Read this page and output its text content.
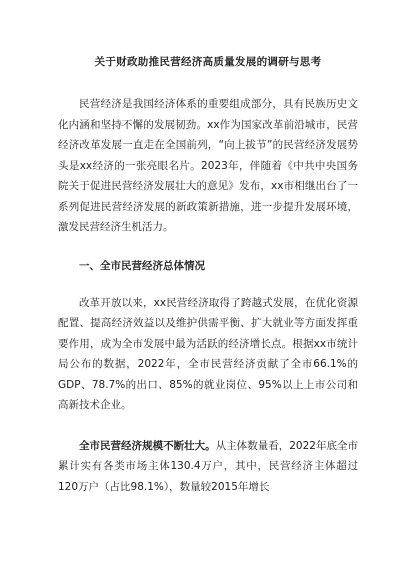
关于财政助推民营经济高质量发展的调研与思考

民营经济是我国经济体系的重要组成部分，具有民族历史文化内涵和坚持不懈的发展韧劲。xx作为国家改革前沿城市，民营经济改革发展一直走在全国前列，“向上拔节”的民营经济发展势头是xx经济的一张亮眼名片。2023年，伴随着《中共中央国务院关于促进民营经济发展壮大的意见》发布，xx市相继出台了一系列促进民营经济发展的新政策新措施，进一步提升发展环境，激发民营经济生机活力。

一、全市民营经济总体情况

改革开放以来，xx民营经济取得了跨越式发展，在优化资源配置、提高经济效益以及维护供需平衡、扩大就业等方面发挥重要作用，成为全市发展中最为活跃的经济增长点。根据xx市统计局公布的数据，2022年，全市民营经济贡献了全市66.1%的GDP、78.7%的出口、85%的就业岗位、95%以上上市公司和高新技术企业。

全市民营经济规模不断壮大。从主体数量看，2022年底全市累计实有各类市场主体130.4万户，其中，民营经济主体超过120万户（占比98.1%），数量较2015年增长
